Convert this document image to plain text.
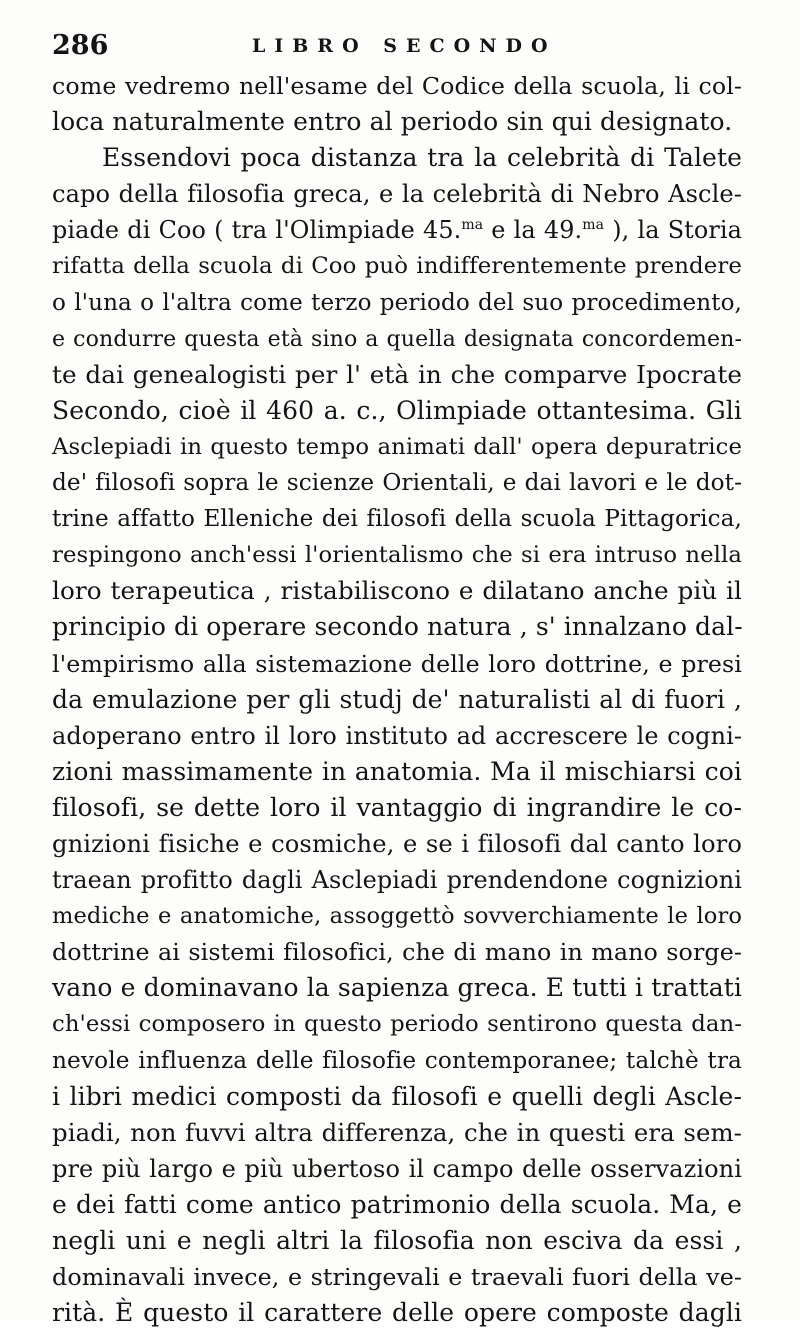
286	LIBRO SECONDO
come vedremo nell'esame del Codice della scuola, li col-
loca naturalmente entro al periodo sin qui designato.
Essendovi poca distanza tra la celebrità di Talete
capo della filosofia greca, e la celebrità di Nebro Ascle-
piade di Coo ( tra l'Olimpiade 45.$^{ma}$ e la 49.$^{ma}$ ), la Storia
rifatta della scuola di Coo può indifferentemente prendere
o l'una o l'altra come terzo periodo del suo procedimento,
e condurre questa età sino a quella designata concordemen-
te dai genealogisti per l' età in che comparve Ipocrate
Secondo, cioè il 460 a. c., Olimpiade ottantesima. Gli
Asclepiadi in questo tempo animati dall' opera depuratrice
de' filosofi sopra le scienze Orientali, e dai lavori e le dot-
trine affatto Elleniche dei filosofi della scuola Pittagorica,
respingono anch'essi l'orientalismo che si era intruso nella
loro terapeutica , ristabiliscono e dilatano anche più il
principio di operare secondo natura , s' innalzano dal-
l'empirismo alla sistemazione delle loro dottrine, e presi
da emulazione per gli studj de' naturalisti al di fuori ,
adoperano entro il loro instituto ad accrescere le cogni-
zioni massimamente in anatomia. Ma il mischiarsi coi
filosofi, se dette loro il vantaggio di ingrandire le co-
gnizioni fisiche e cosmiche, e se i filosofi dal canto loro
traean profitto dagli Asclepiadi prendendone cognizioni
mediche e anatomiche, assoggettò sovverchiamente le loro
dottrine ai sistemi filosofici, che di mano in mano sorge-
vano e dominavano la sapienza greca. E tutti i trattati
ch'essi composero in questo periodo sentirono questa dan-
nevole influenza delle filosofie contemporanee; talchè tra
i libri medici composti da filosofi e quelli degli Ascle-
piadi, non fuvvi altra differenza, che in questi era sem-
pre più largo e più ubertoso il campo delle osservazioni
e dei fatti come antico patrimonio della scuola. Ma, e
negli uni e negli altri la filosofia non esciva da essi ,
dominavali invece, e stringevali e traevali fuori della ve-
rità. È questo il carattere delle opere composte dagli
